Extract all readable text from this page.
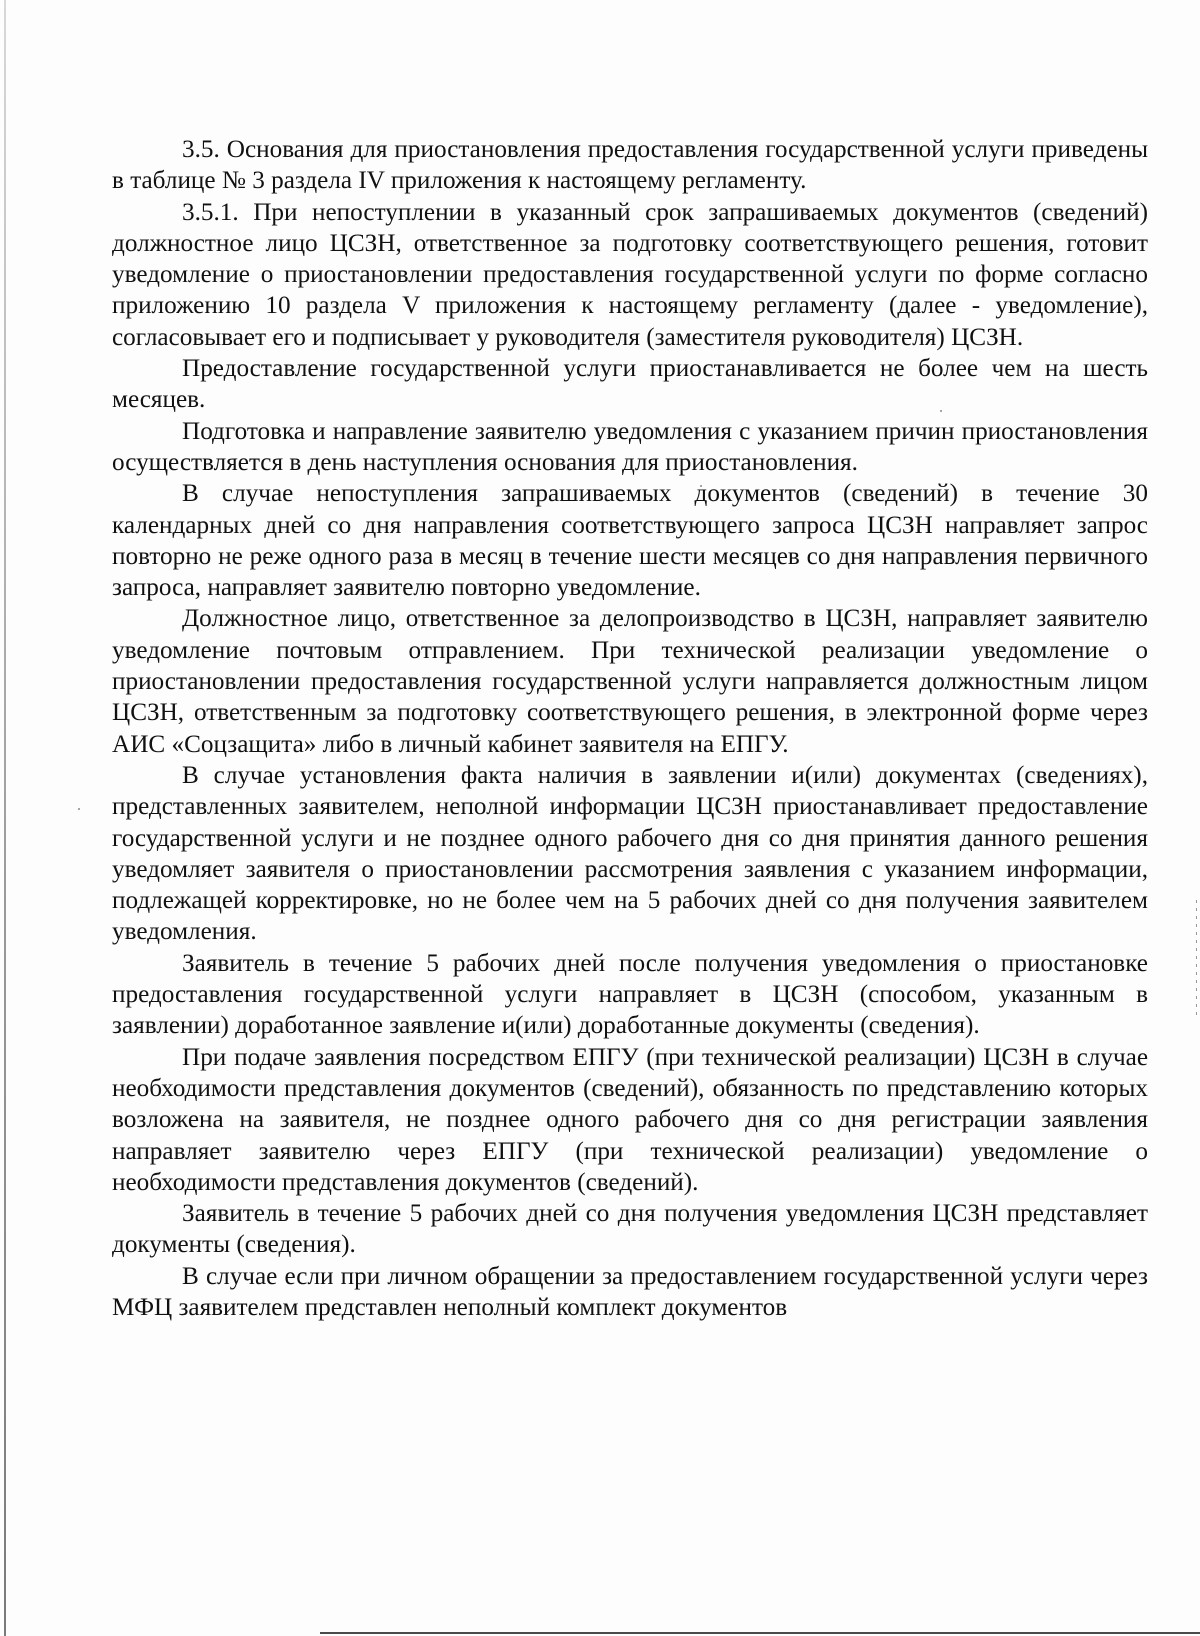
3.5. Основания для приостановления предоставления государственной услуги приведены в таблице № 3 раздела IV приложения к настоящему регламенту.

3.5.1. При непоступлении в указанный срок запрашиваемых документов (сведений) должностное лицо ЦСЗН, ответственное за подготовку соответствующего решения, готовит уведомление о приостановлении предоставления государственной услуги по форме согласно приложению 10 раздела V приложения к настоящему регламенту (далее - уведомление), согласовывает его и подписывает у руководителя (заместителя руководителя) ЦСЗН.

Предоставление государственной услуги приостанавливается не более чем на шесть месяцев.

Подготовка и направление заявителю уведомления с указанием причин приостановления осуществляется в день наступления основания для приостановления.

В случае непоступления запрашиваемых документов (сведений) в течение 30 календарных дней со дня направления соответствующего запроса ЦСЗН направляет запрос повторно не реже одного раза в месяц в течение шести месяцев со дня направления первичного запроса, направляет заявителю повторно уведомление.

Должностное лицо, ответственное за делопроизводство в ЦСЗН, направляет заявителю уведомление почтовым отправлением. При технической реализации уведомление о приостановлении предоставления государственной услуги направляется должностным лицом ЦСЗН, ответственным за подготовку соответствующего решения, в электронной форме через АИС «Соцзащита» либо в личный кабинет заявителя на ЕПГУ.

В случае установления факта наличия в заявлении и(или) документах (сведениях), представленных заявителем, неполной информации ЦСЗН приостанавливает предоставление государственной услуги и не позднее одного рабочего дня со дня принятия данного решения уведомляет заявителя о приостановлении рассмотрения заявления с указанием информации, подлежащей корректировке, но не более чем на 5 рабочих дней со дня получения заявителем уведомления.

Заявитель в течение 5 рабочих дней после получения уведомления о приостановке предоставления государственной услуги направляет в ЦСЗН (способом, указанным в заявлении) доработанное заявление и(или) доработанные документы (сведения).

При подаче заявления посредством ЕПГУ (при технической реализации) ЦСЗН в случае необходимости представления документов (сведений), обязанность по представлению которых возложена на заявителя, не позднее одного рабочего дня со дня регистрации заявления направляет заявителю через ЕПГУ (при технической реализации) уведомление о необходимости представления документов (сведений).

Заявитель в течение 5 рабочих дней со дня получения уведомления ЦСЗН представляет документы (сведения).

В случае если при личном обращении за предоставлением государственной услуги через МФЦ заявителем представлен неполный комплект документов
